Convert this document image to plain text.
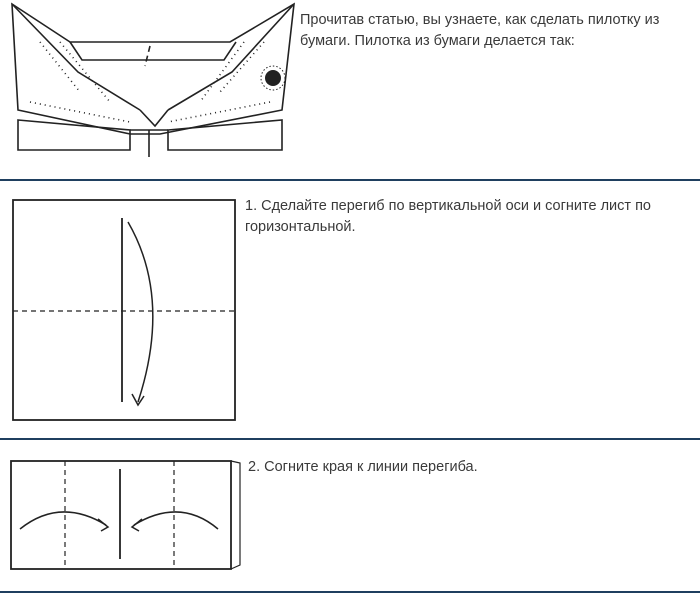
Прочитав статью, вы узнаете, как сделать пилотку из бумаги. Пилотка из бумаги делается так:
1. Сделайте перегиб по вертикальной оси и согните лист по горизонтальной.
2. Согните края к линии перегиба.
